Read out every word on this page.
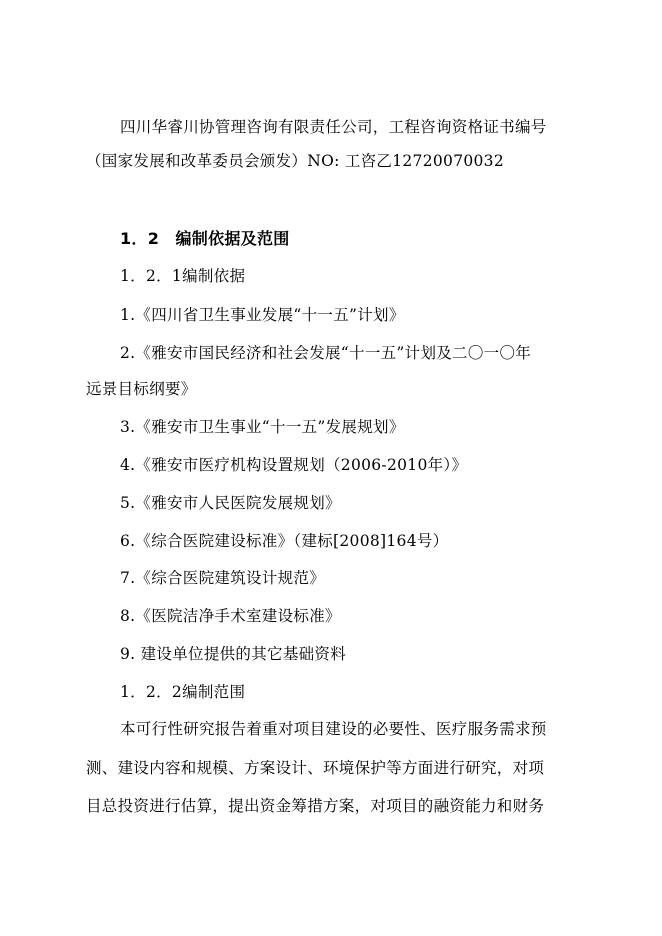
四川华睿川协管理咨询有限责任公司，工程咨询资格证书编号
（国家发展和改革委员会颁发）NO: 工咨乙12720070032
1．2　编制依据及范围
1．2．1编制依据
1.《四川省卫生事业发展“十一五”计划》
2.《雅安市国民经济和社会发展“十一五”计划及二〇一〇年
远景目标纲要》
3.《雅安市卫生事业“十一五”发展规划》
4.《雅安市医疗机构设置规划（2006-2010年）》
5.《雅安市人民医院发展规划》
6.《综合医院建设标准》（建标[2008]164号）
7.《综合医院建筑设计规范》
8.《医院洁净手术室建设标准》
9. 建设单位提供的其它基础资料
1．2．2编制范围
本可行性研究报告着重对项目建设的必要性、医疗服务需求预
测、建设内容和规模、方案设计、环境保护等方面进行研究，对项
目总投资进行估算，提出资金筹措方案，对项目的融资能力和财务
